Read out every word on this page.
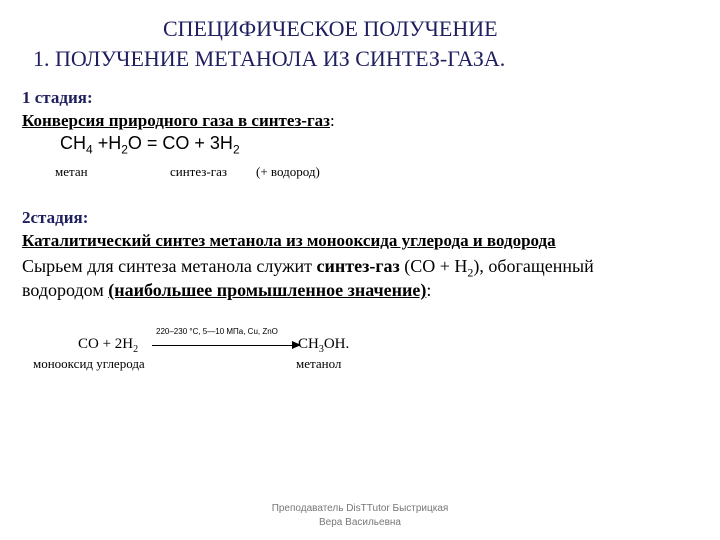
СПЕЦИФИЧЕСКОЕ ПОЛУЧЕНИЕ
1. ПОЛУЧЕНИЕ МЕТАНОЛА ИЗ СИНТЕЗ-ГАЗА.
1 стадия:
Конверсия природного газа в синтез-газ:
$CH_4 +H_2O$ = CO + $3H_2$
метан	синтез-газ (+ водород)
2стадия:
Каталитический синтез метанола из монооксида углерода и водорода
Сырьем для синтеза метанола служит синтез-газ $(CO + H_2)$, обогащенный
водородом (наибольшее промышленное значение):
CO + $2H_2$
220–230 °С, 5—10 МПа, Cu, ZnO
$CH_3OH$.
монооксид углерода	метанол
Преподаватель DisTTutor Быстрицкая
Вера Васильевна
